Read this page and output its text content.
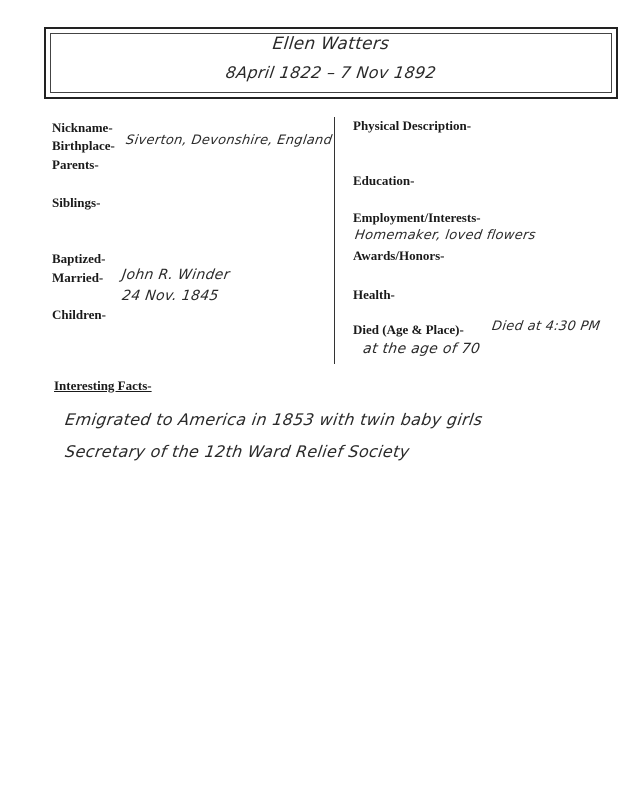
Ellen Watters
8April 1822 – 7 Nov 1892
Nickname-
Birthplace- Siverton, Devonshire, England
Parents-
Siblings-
Baptized-
Married- John R. Winder
24 Nov. 1845
Children-
Physical Description-
Education-
Employment/Interests-
Homemaker, loved flowers
Awards/Honors-
Health-
Died (Age & Place)- Died at 4:30 PM
at the age of 70
Interesting Facts-
Emigrated to America in 1853 with twin baby girls
Secretary of the 12th Ward Relief Society
